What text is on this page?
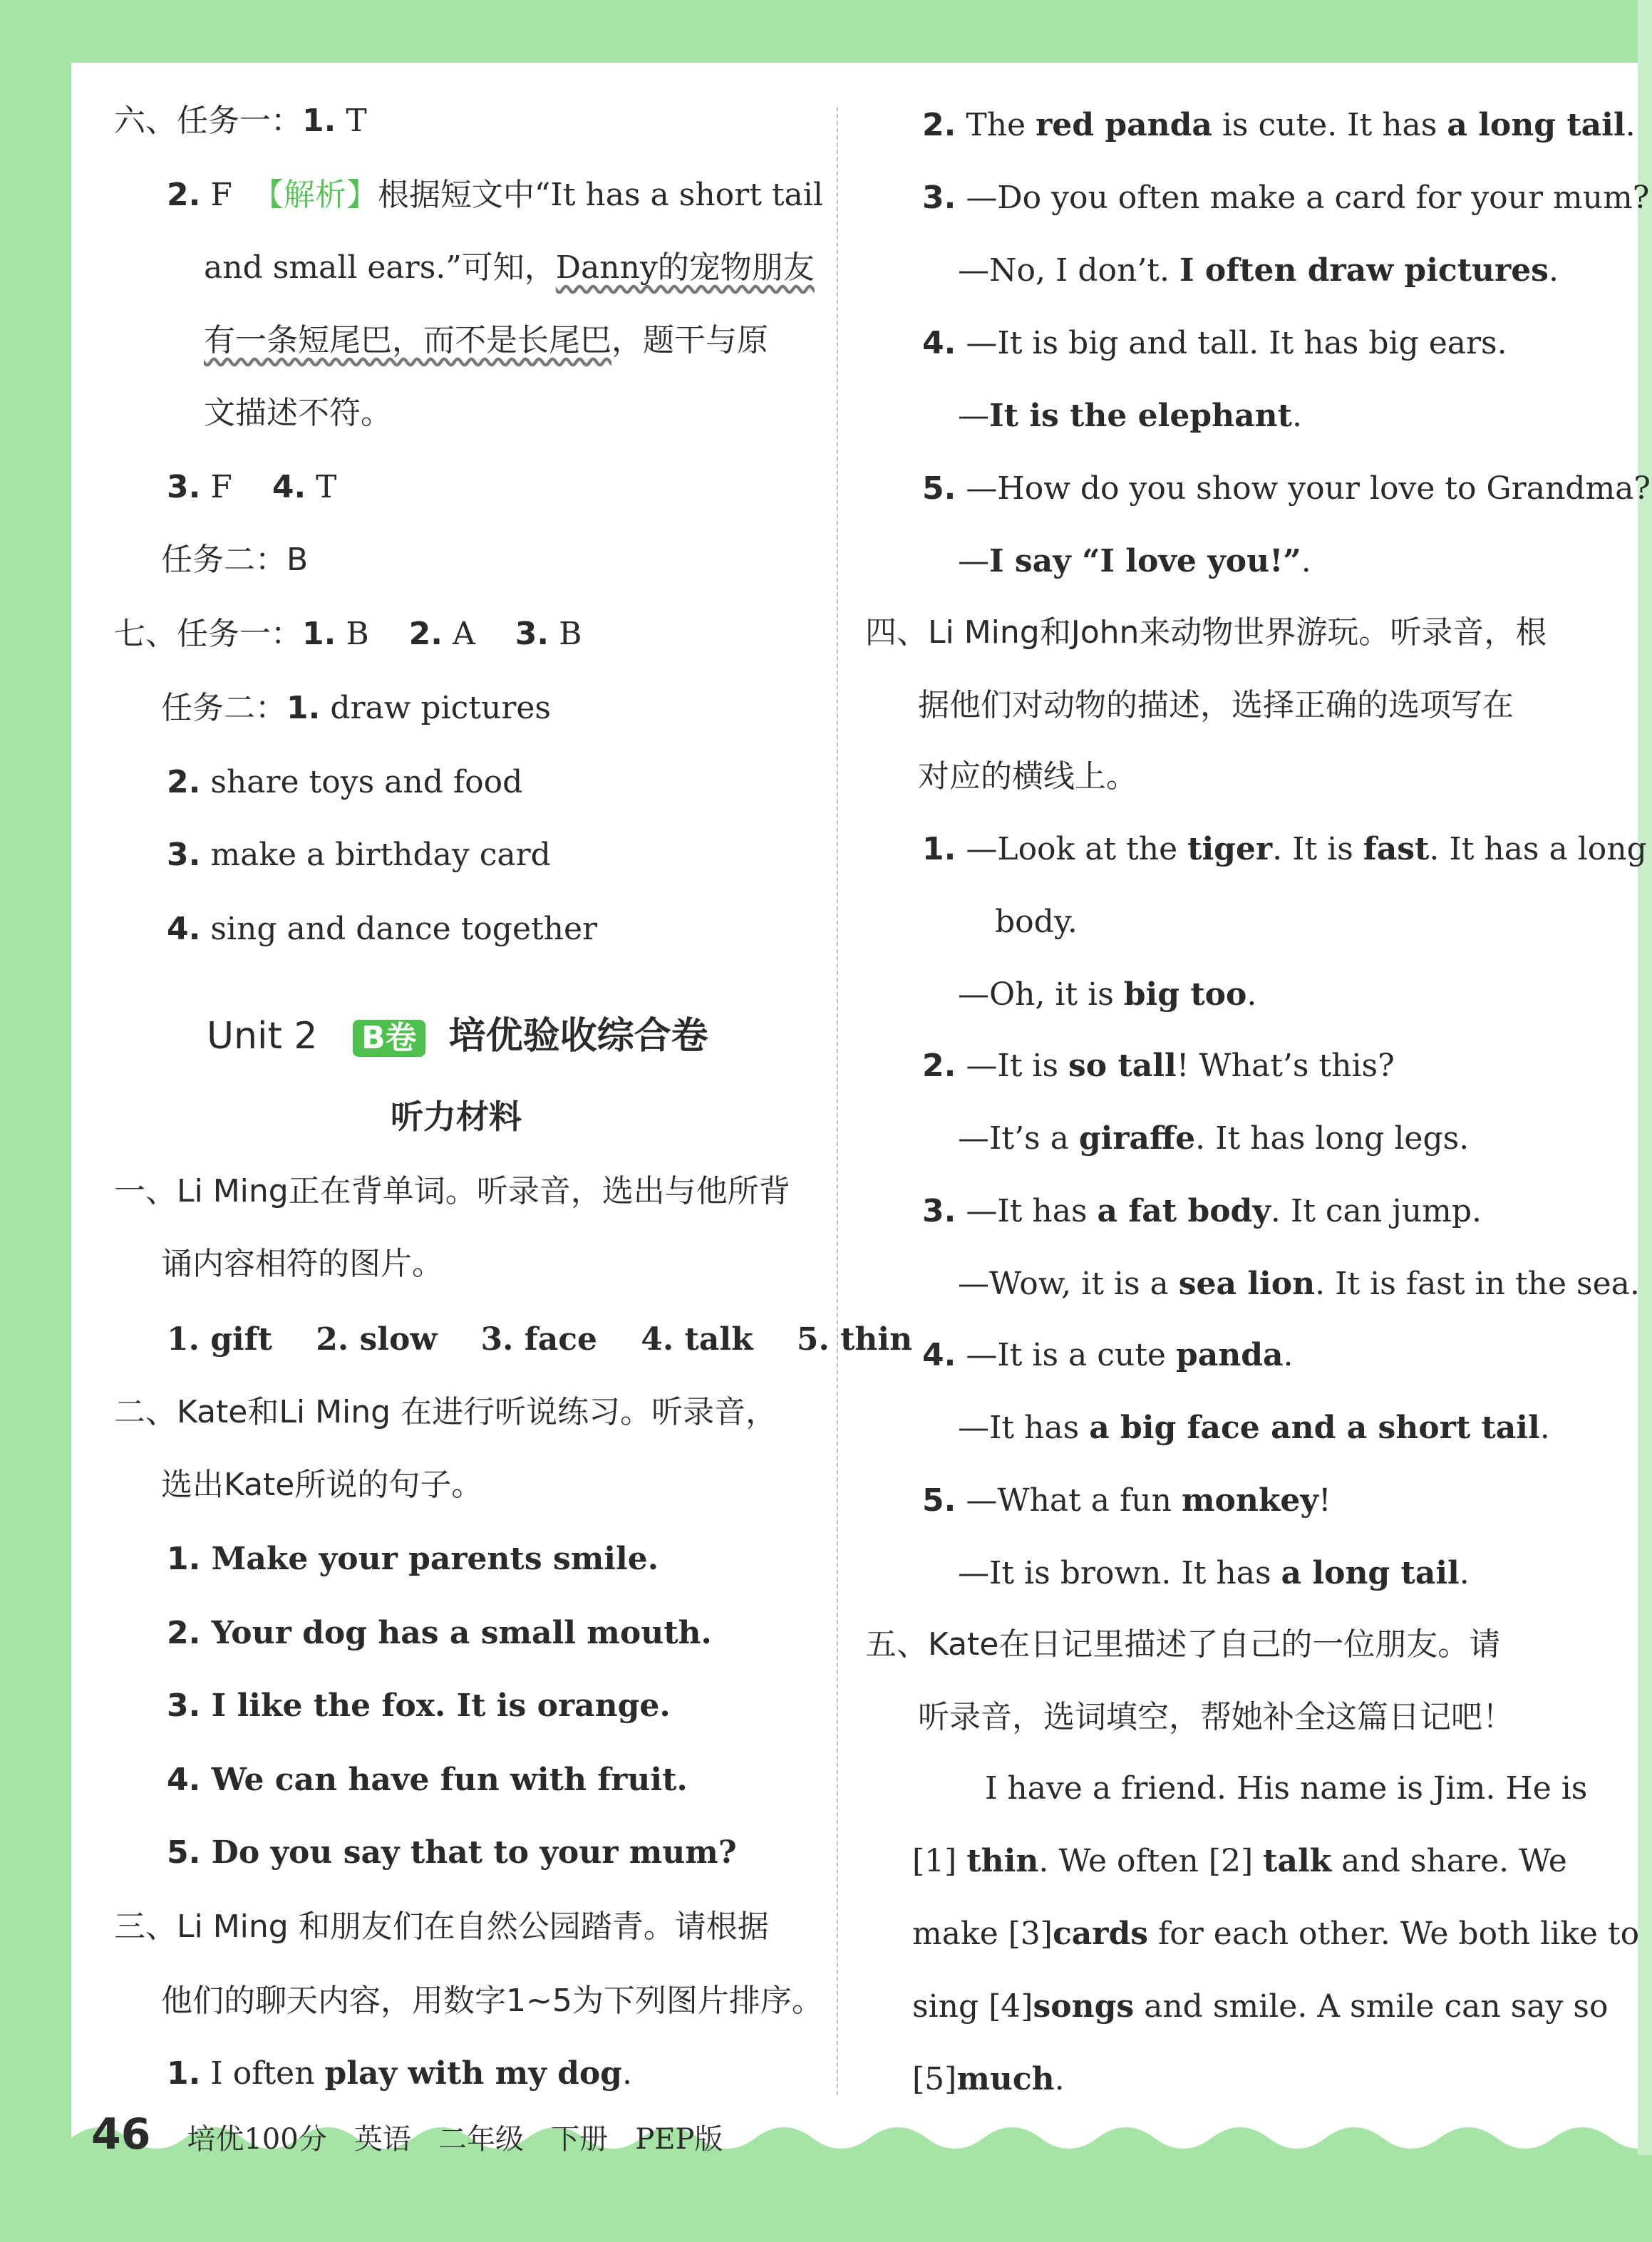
六、任务一：1. T
2. F 【解析】根据短文中“It has a short tail
and small ears.”可知，Danny的宠物朋友
有一条短尾巴，而不是长尾巴，题干与原
文描述不符。
3. F 4. T
任务二：B
七、任务一：1. B 2. A 3. B
任务二：1. draw pictures
2. share toys and food
3. make a birthday card
4. sing and dance together
Unit 2 B卷 培优验收综合卷
听力材料
一、Li Ming正在背单词。听录音，选出与他所背
诵内容相符的图片。
1. gift 2. slow 3. face 4. talk 5. thin
二、Kate和Li Ming 在进行听说练习。听录音，
选出Kate所说的句子。
1. Make your parents smile.
2. Your dog has a small mouth.
3. I like the fox. It is orange.
4. We can have fun with fruit.
5. Do you say that to your mum?
三、Li Ming 和朋友们在自然公园踏青。请根据
他们的聊天内容，用数字1~5为下列图片排序。
1. I often play with my dog.
2. The red panda is cute. It has a long tail.
3. —Do you often make a card for your mum?
—No, I don’t. I often draw pictures.
4. —It is big and tall. It has big ears.
—It is the elephant.
5. —How do you show your love to Grandma?
—I say “I love you!”.
四、Li Ming和John来动物世界游玩。听录音，根
据他们对动物的描述，选择正确的选项写在
对应的横线上。
1. —Look at the tiger. It is fast. It has a long
body.
—Oh, it is big too.
2. —It is so tall! What’s this?
—It’s a giraffe. It has long legs.
3. —It has a fat body. It can jump.
—Wow, it is a sea lion. It is fast in the sea.
4. —It is a cute panda.
—It has a big face and a short tail.
5. —What a fun monkey!
—It is brown. It has a long tail.
五、Kate在日记里描述了自己的一位朋友。请
听录音，选词填空，帮她补全这篇日记吧！
I have a friend. His name is Jim. He is
[1] thin. We often [2] talk and share. We
make [3]cards for each other. We both like to
sing [4]songs and smile. A smile can say so
[5]much.
46 培优100分 英语 二年级 下册 PEP版
